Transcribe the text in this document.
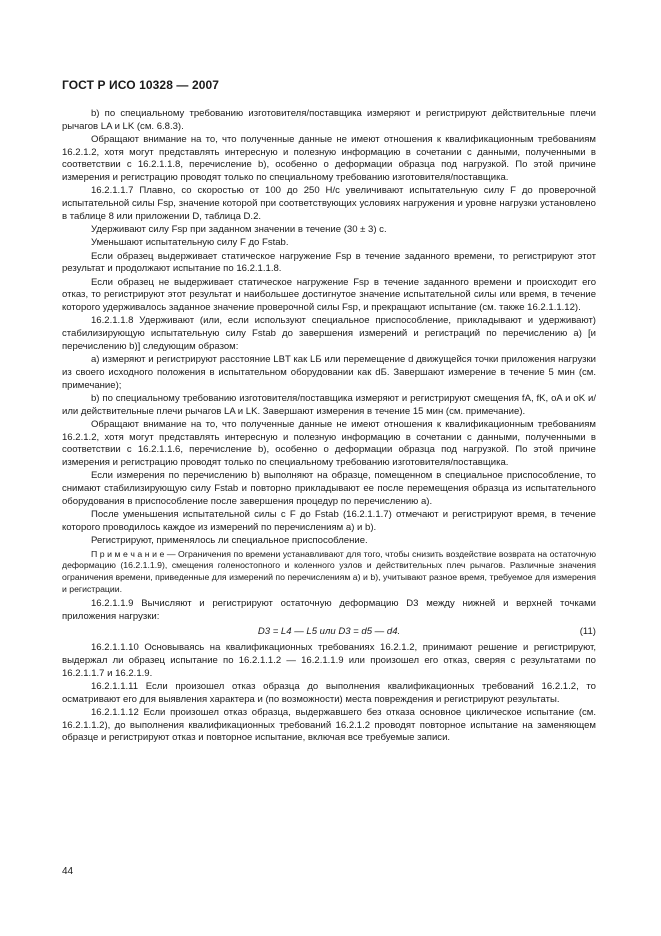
ГОСТ Р ИСО 10328 — 2007

b) по специальному требованию изготовителя/поставщика измеряют и регистрируют действительные плечи рычагов LA и LK (см. 6.8.3).

Обращают внимание на то, что полученные данные не имеют отношения к квалификационным требованиям 16.2.1.2, хотя могут представлять интересную и полезную информацию в сочетании с данными, полученными в соответствии с 16.2.1.1.8, перечисление b), особенно о деформации образца под нагрузкой. По этой причине измерения и регистрацию проводят только по специальному требованию изготовителя/поставщика.

16.2.1.1.7 Плавно, со скоростью от 100 до 250 Н/с увеличивают испытательную силу F до проверочной испытательной силы Fsp, значение которой при соответствующих условиях нагружения и уровне нагрузки установлено в таблице 8 или приложении D, таблица D.2.

Удерживают силу Fsp при заданном значении в течение (30 ± 3) с.

Уменьшают испытательную силу F до Fstab.

Если образец выдерживает статическое нагружение Fsp в течение заданного времени, то регистрируют этот результат и продолжают испытание по 16.2.1.1.8.

Если образец не выдерживает статическое нагружение Fsp в течение заданного времени и происходит его отказ, то регистрируют этот результат и наибольшее достигнутое значение испытательной силы или время, в течение которого удерживалось заданное значение проверочной силы Fsp, и прекращают испытание (см. также 16.2.1.1.12).

16.2.1.1.8 Удерживают (или, если используют специальное приспособление, прикладывают и удерживают) стабилизирующую испытательную силу Fstab до завершения измерений и регистраций по перечислению a) [и перечислению b)] следующим образом:

a) измеряют и регистрируют расстояние LBT как LБ или перемещение d движущейся точки приложения нагрузки из своего исходного положения в испытательном оборудовании как dБ. Завершают измерение в течение 5 мин (см. примечание);

b) по специальному требованию изготовителя/поставщика измеряют и регистрируют смещения fA, fK, oA и oK и/или действительные плечи рычагов LA и LK. Завершают измерения в течение 15 мин (см. примечание).

Обращают внимание на то, что полученные данные не имеют отношения к квалификационным требованиям 16.2.1.2, хотя могут представлять интересную и полезную информацию в сочетании с данными, полученными в соответствии с 16.2.1.1.6, перечисление b), особенно о деформации образца под нагрузкой. По этой причине измерения и регистрацию проводят только по специальному требованию изготовителя/поставщика.

Если измерения по перечислению b) выполняют на образце, помещенном в специальное приспособление, то снимают стабилизирующую силу Fstab и повторно прикладывают ее после перемещения образца из испытательного оборудования в приспособление после завершения процедур по перечислению a).

После уменьшения испытательной силы с F до Fstab (16.2.1.1.7) отмечают и регистрируют время, в течение которого проводилось каждое из измерений по перечислениям a) и b).

Регистрируют, применялось ли специальное приспособление.

П р и м е ч а н и е — Ограничения по времени устанавливают для того, чтобы снизить воздействие возврата на остаточную деформацию (16.2.1.1.9), смещения голеностопного и коленного узлов и действительных плеч рычагов. Различные значения ограничения времени, приведенные для измерений по перечислениям a) и b), учитывают разное время, требуемое для измерения и регистрации.

16.2.1.1.9 Вычисляют и регистрируют остаточную деформацию D3 между нижней и верхней точками приложения нагрузки:

D3 = L4 — L5 или D3 = d5 — d4.	(11)

16.2.1.1.10 Основываясь на квалификационных требованиях 16.2.1.2, принимают решение и регистрируют, выдержал ли образец испытание по 16.2.1.1.2 — 16.2.1.1.9 или произошел его отказ, сверяя с результатами по 16.2.1.1.7 и 16.2.1.9.

16.2.1.1.11 Если произошел отказ образца до выполнения квалификационных требований 16.2.1.2, то осматривают его для выявления характера и (по возможности) места повреждения и регистрируют результаты.

16.2.1.1.12 Если произошел отказ образца, выдержавшего без отказа основное циклическое испытание (см. 16.2.1.1.2), до выполнения квалификационных требований 16.2.1.2 проводят повторное испытание на заменяющем образце и регистрируют отказ и повторное испытание, включая все требуемые записи.

44
